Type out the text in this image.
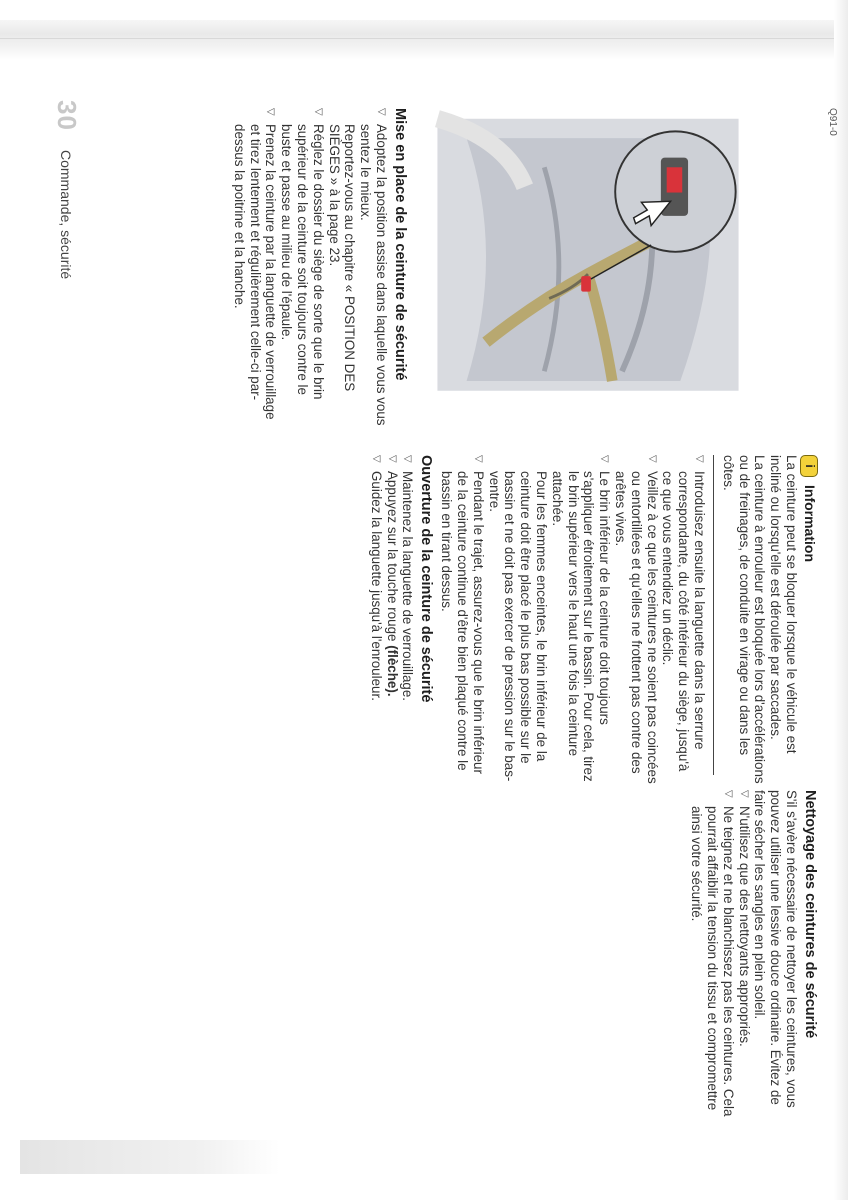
Q91-0
Mise en place de la ceinture de sécurité

▽ Adoptez la position assise dans laquelle vous vous sentez le mieux.

Reportez-vous au chapitre « POSITION DES SIÈGES » à la page 23.

▽ Réglez le dossier du siège de sorte que le brin supérieur de la ceinture soit toujours contre le buste et passe au milieu de l'épaule.

▽ Prenez la ceinture par la languette de verrouillage et tirez lentement et régulièrement celle-ci par-dessus la poitrine et la hanche.

i
Information

La ceinture peut se bloquer lorsque le véhicule est incliné ou lorsqu'elle est déroulée par saccades.

La ceinture à enrouleur est bloquée lors d'accélérations ou de freinages, de conduite en virage ou dans les côtes.

▽ Introduisez ensuite la languette dans la serrure correspondante, du côté intérieur du siège, jusqu'à ce que vous entendiez un déclic.

▽ Veillez à ce que les ceintures ne soient pas coincées ou entortillées et qu'elles ne frottent pas contre des arêtes vives.

▽ Le brin inférieur de la ceinture doit toujours s'appliquer étroitement sur le bassin. Pour cela, tirez le brin supérieur vers le haut une fois la ceinture attachée.

Pour les femmes enceintes, le brin inférieur de la ceinture doit être placé le plus bas possible sur le bassin et ne doit pas exercer de pression sur le bas-ventre.

▽ Pendant le trajet, assurez-vous que le brin inférieur de la ceinture continue d'être bien plaqué contre le bassin en tirant dessus.

Ouverture de la ceinture de sécurité

▽ Maintenez la languette de verrouillage.

▽ Appuyez sur la touche rouge (flèche).

▽ Guidez la languette jusqu'à l'enrouleur.

Nettoyage des ceintures de sécurité

S'il s'avère nécessaire de nettoyer les ceintures, vous pouvez utiliser une lessive douce ordinaire. Évitez de faire sécher les sangles en plein soleil.

▽ N'utilisez que des nettoyants appropriés.

▽ Ne teignez et ne blanchissez pas les ceintures. Cela pourrait affaiblir la tension du tissu et compromettre ainsi votre sécurité.

30
Commande, sécurité
